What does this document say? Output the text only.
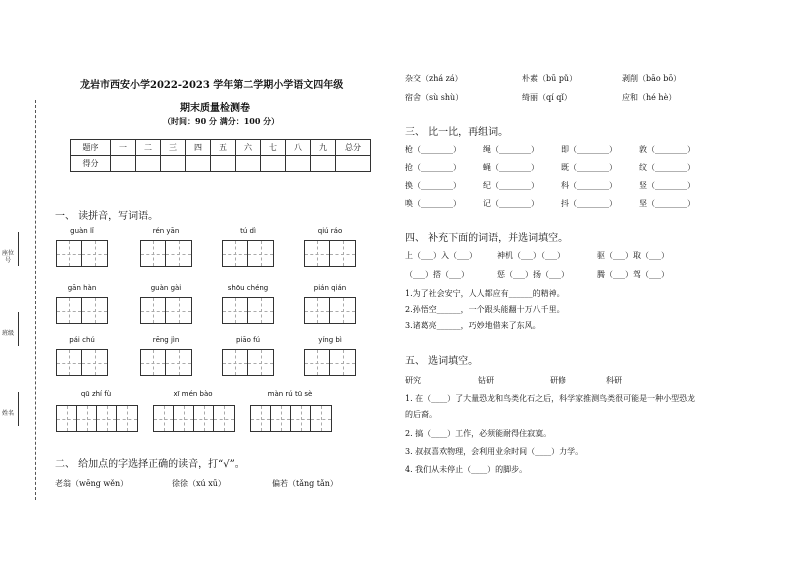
座位号
班级
姓名
龙岩市西安小学2022-2023 学年第二学期小学语文四年级
期末质量检测卷
（时间：90 分 满分：100 分）
题序	一	二	三	四	五	六	七	八	九	总分
得分										
一、 读拼音，写词语。
guàn lǐ	rén yān	tú dì	qiú ráo
gān hàn	guàn gài	shōu chéng	pián qián
pái chú	rēng jìn	piāo fú	yíng bì
qū zhí fù	xī mén bào	màn rú tū sè
二、 给加点的字选择正确的读音，打“√”。
老翁（wēng wěn）	徐徐（xú xū）	偏若（tǎng tǎn）
杂交（zhá zá）	朴素（bū pǔ）	剥削（bāo bō）
宿舍（sù shù）	绮丽（qí qǐ）	应和（hé hè）
三、 比一比，再组词。
枪（________）	绳（________）	即（________）	敦（________）
抢（________）	蝇（________）	既（________）	纹（________）
换（________）	纪（________）	科（________）	竖（________）
唤（________）	记（________）	抖（________）	坚（________）
四、 补充下面的词语，并选词填空。
上（___）入（___）	神机（___）（___）	驱（___）取（___）
（___）搭（___）	惩（___）扬（___）	腾（___）驾（___）
1.为了社会安宁，人人都应有______的精神。
2.孙悟空______，一个跟头能翻十万八千里。
3.诸葛亮______，巧妙地借来了东风。
五、 选词填空。
研究	钻研	研修	科研
1. 在（____）了大量恐龙和鸟类化石之后，科学家推测鸟类很可能是一种小型恐龙
的后裔。
2. 搞（____）工作，必须能耐得住寂寞。
3. 叔叔喜欢物理，会利用业余时间（____）力学。
4. 我们从未停止（____）的脚步。
